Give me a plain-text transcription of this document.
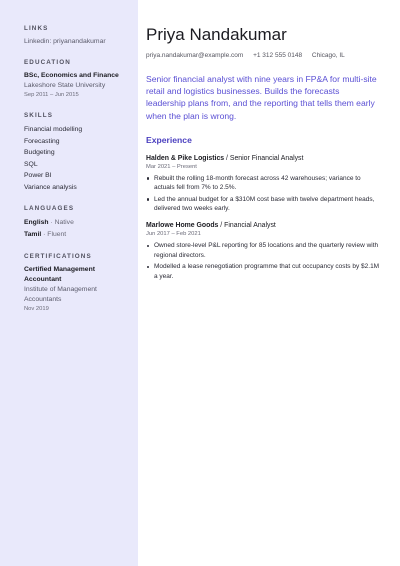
LINKS
Linkedin: priyanandakumar
EDUCATION
BSc, Economics and Finance
Lakeshore State University
Sep 2011 – Jun 2015
SKILLS
Financial modelling
Forecasting
Budgeting
SQL
Power BI
Variance analysis
LANGUAGES
English · Native
Tamil · Fluent
CERTIFICATIONS
Certified Management Accountant
Institute of Management Accountants
Nov 2019
Priya Nandakumar
priya.nandakumar@example.com +1 312 555 0148 Chicago, IL

Senior financial analyst with nine years in FP&A for multi-site retail and logistics businesses. Builds the forecasts leadership plans from, and the reporting that tells them early when the plan is wrong.

Experience
Halden & Pike Logistics / Senior Financial Analyst
Mar 2021 – Present
Rebuilt the rolling 18-month forecast across 42 warehouses; variance to actuals fell from 7% to 2.5%.
Led the annual budget for a $310M cost base with twelve department heads, delivered two weeks early.
Marlowe Home Goods / Financial Analyst
Jun 2017 – Feb 2021
Owned store-level P&L reporting for 85 locations and the quarterly review with regional directors.
Modelled a lease renegotiation programme that cut occupancy costs by $2.1M a year.
